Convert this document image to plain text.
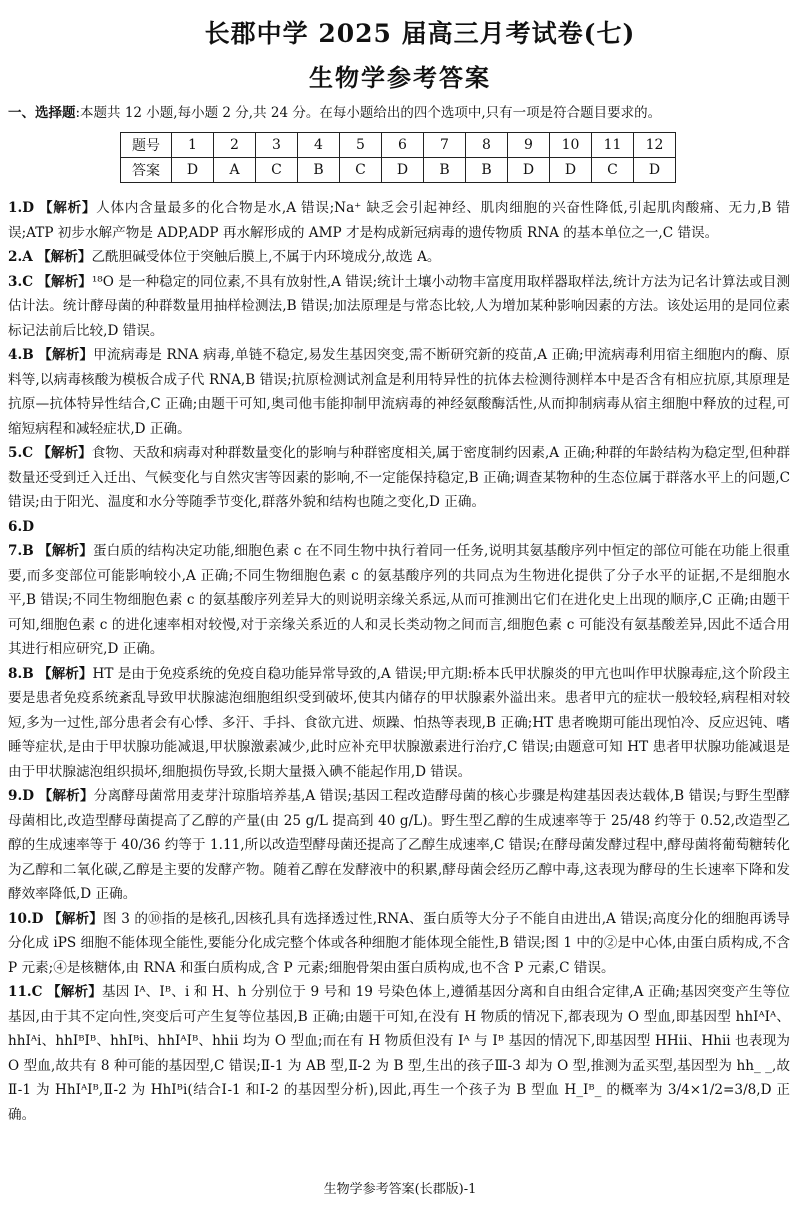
长郡中学 2025 届高三月考试卷(七)
生物学参考答案
一、选择题:本题共 12 小题,每小题 2 分,共 24 分。在每小题给出的四个选项中,只有一项是符合题目要求的。
题号	1	2	3	4	5	6	7	8	9	10	11	12
答案	D	A	C	B	C	D	B	B	D	D	C	D

1.D 【解析】人体内含量最多的化合物是水,A 错误;Na⁺ 缺乏会引起神经、肌肉细胞的兴奋性降低,引起肌肉酸痛、无力,B 错误;ATP 初步水解产物是 ADP,ADP 再水解形成的 AMP 才是构成新冠病毒的遗传物质 RNA 的基本单位之一,C 错误。

2.A 【解析】乙酰胆碱受体位于突触后膜上,不属于内环境成分,故选 A。

3.C 【解析】¹⁸O 是一种稳定的同位素,不具有放射性,A 错误;统计土壤小动物丰富度用取样器取样法,统计方法为记名计算法或目测估计法。统计酵母菌的种群数量用抽样检测法,B 错误;加法原理是与常态比较,人为增加某种影响因素的方法。该处运用的是同位素标记法前后比较,D 错误。

4.B 【解析】甲流病毒是 RNA 病毒,单链不稳定,易发生基因突变,需不断研究新的疫苗,A 正确;甲流病毒利用宿主细胞内的酶、原料等,以病毒核酸为模板合成子代 RNA,B 错误;抗原检测试剂盒是利用特异性的抗体去检测待测样本中是否含有相应抗原,其原理是抗原—抗体特异性结合,C 正确;由题干可知,奥司他韦能抑制甲流病毒的神经氨酸酶活性,从而抑制病毒从宿主细胞中释放的过程,可缩短病程和减轻症状,D 正确。

5.C 【解析】食物、天敌和病毒对种群数量变化的影响与种群密度相关,属于密度制约因素,A 正确;种群的年龄结构为稳定型,但种群数量还受到迁入迁出、气候变化与自然灾害等因素的影响,不一定能保持稳定,B 正确;调查某物种的生态位属于群落水平上的问题,C 错误;由于阳光、温度和水分等随季节变化,群落外貌和结构也随之变化,D 正确。

6.D

7.B 【解析】蛋白质的结构决定功能,细胞色素 c 在不同生物中执行着同一任务,说明其氨基酸序列中恒定的部位可能在功能上很重要,而多变部位可能影响较小,A 正确;不同生物细胞色素 c 的氨基酸序列的共同点为生物进化提供了分子水平的证据,不是细胞水平,B 错误;不同生物细胞色素 c 的氨基酸序列差异大的则说明亲缘关系远,从而可推测出它们在进化史上出现的顺序,C 正确;由题干可知,细胞色素 c 的进化速率相对较慢,对于亲缘关系近的人和灵长类动物之间而言,细胞色素 c 可能没有氨基酸差异,因此不适合用其进行相应研究,D 正确。

8.B 【解析】HT 是由于免疫系统的免疫自稳功能异常导致的,A 错误;甲亢期:桥本氏甲状腺炎的甲亢也叫作甲状腺毒症,这个阶段主要是患者免疫系统紊乱导致甲状腺滤泡细胞组织受到破坏,使其内储存的甲状腺素外溢出来。患者甲亢的症状一般较轻,病程相对较短,多为一过性,部分患者会有心悸、多汗、手抖、食欲亢进、烦躁、怕热等表现,B 正确;HT 患者晚期可能出现怕冷、反应迟钝、嗜睡等症状,是由于甲状腺功能减退,甲状腺激素减少,此时应补充甲状腺激素进行治疗,C 错误;由题意可知 HT 患者甲状腺功能减退是由于甲状腺滤泡组织损坏,细胞损伤导致,长期大量摄入碘不能起作用,D 错误。

9.D 【解析】分离酵母菌常用麦芽汁琼脂培养基,A 错误;基因工程改造酵母菌的核心步骤是构建基因表达载体,B 错误;与野生型酵母菌相比,改造型酵母菌提高了乙醇的产量(由 25 g/L 提高到 40 g/L)。野生型乙醇的生成速率等于 25/48 约等于 0.52,改造型乙醇的生成速率等于 40/36 约等于 1.11,所以改造型酵母菌还提高了乙醇生成速率,C 错误;在酵母菌发酵过程中,酵母菌将葡萄糖转化为乙醇和二氧化碳,乙醇是主要的发酵产物。随着乙醇在发酵液中的积累,酵母菌会经历乙醇中毒,这表现为酵母的生长速率下降和发酵效率降低,D 正确。

10.D 【解析】图 3 的⑩指的是核孔,因核孔具有选择透过性,RNA、蛋白质等大分子不能自由进出,A 错误;高度分化的细胞再诱导分化成 iPS 细胞不能体现全能性,要能分化成完整个体或各种细胞才能体现全能性,B 错误;图 1 中的②是中心体,由蛋白质构成,不含 P 元素;④是核糖体,由 RNA 和蛋白质构成,含 P 元素;细胞骨架由蛋白质构成,也不含 P 元素,C 错误。

11.C 【解析】基因 Iᴬ、Iᴮ、i 和 H、h 分别位于 9 号和 19 号染色体上,遵循基因分离和自由组合定律,A 正确;基因突变产生等位基因,由于其不定向性,突变后可产生复等位基因,B 正确;由题干可知,在没有 H 物质的情况下,都表现为 O 型血,即基因型 hhIᴬIᴬ、hhIᴬi、hhIᴮIᴮ、hhIᴮi、hhIᴬIᴮ、hhii 均为 O 型血;而在有 H 物质但没有 Iᴬ 与 Iᴮ 基因的情况下,即基因型 HHii、Hhii 也表现为 O 型血,故共有 8 种可能的基因型,C 错误;Ⅱ-1 为 AB 型,Ⅱ-2 为 B 型,生出的孩子Ⅲ-3 却为 O 型,推测为孟买型,基因型为 hh_ _,故Ⅱ-1 为 HhIᴬIᴮ,Ⅱ-2 为 HhIᴮi(结合Ⅰ-1 和Ⅰ-2 的基因型分析),因此,再生一个孩子为 B 型血 H_Iᴮ_ 的概率为 3/4×1/2=3/8,D 正确。

生物学参考答案(长郡版)-1
